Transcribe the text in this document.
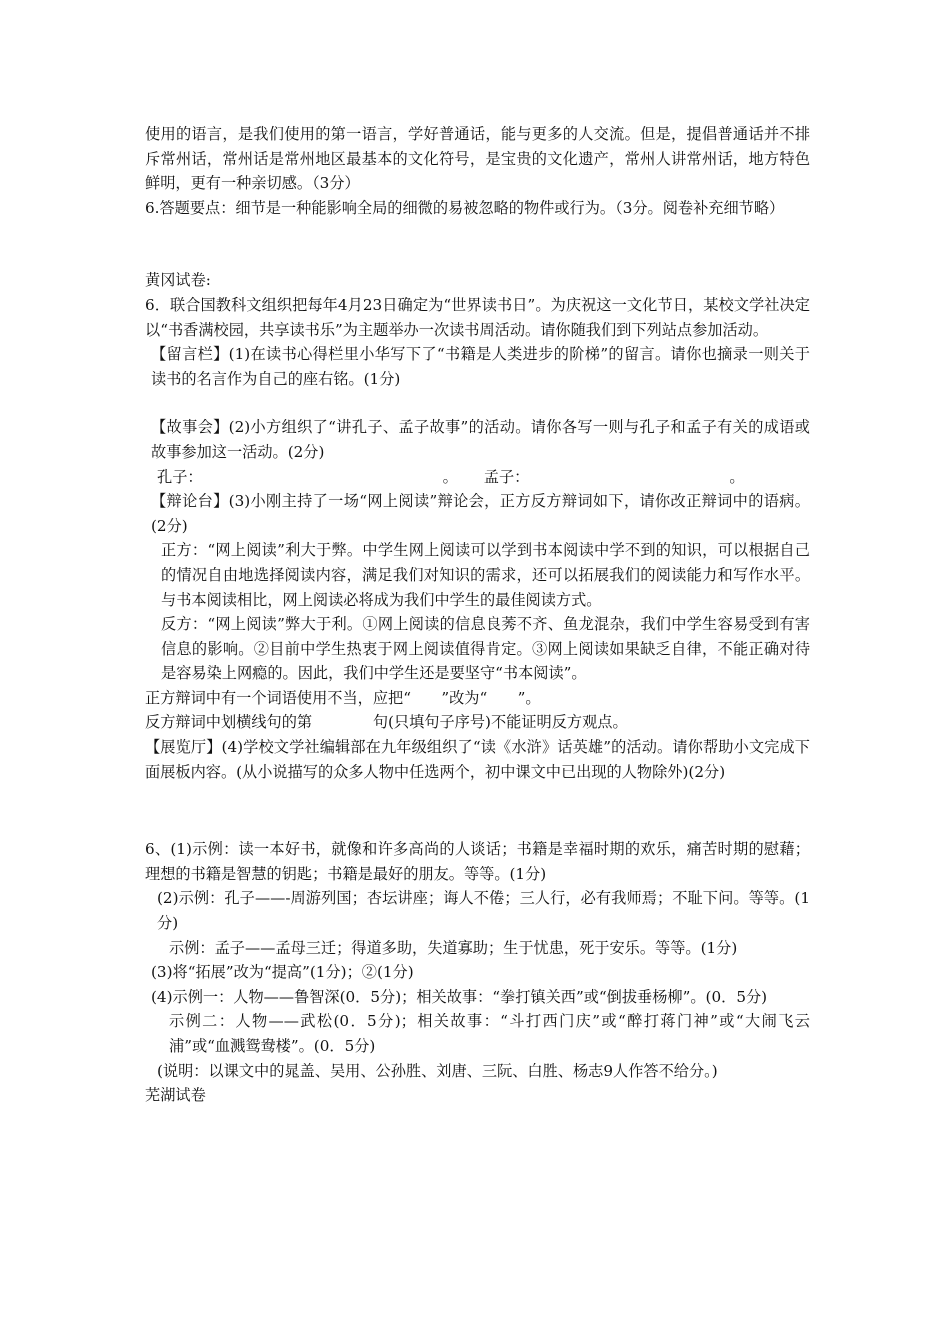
使用的语言，是我们使用的第一语言，学好普通话，能与更多的人交流。但是，提倡普通话并不排斥常州话，常州话是常州地区最基本的文化符号，是宝贵的文化遗产，常州人讲常州话，地方特色鲜明，更有一种亲切感。（3分）

6.答题要点：细节是一种能影响全局的细微的易被忽略的物件或行为。（3分。阅卷补充细节略）

黄冈试卷:

6．联合国教科文组织把每年4月23日确定为“世界读书日”。为庆祝这一文化节日，某校文学社决定以“书香满校园，共享读书乐”为主题举办一次读书周活动。请你随我们到下列站点参加活动。

【留言栏】(1)在读书心得栏里小华写下了“书籍是人类进步的阶梯”的留言。请你也摘录一则关于读书的名言作为自己的座右铭。(1分)

【故事会】(2)小方组织了“讲孔子、孟子故事”的活动。请你各写一则与孔子和孟子有关的成语或故事参加这一活动。(2分)

孔子：	。 孟子：	。

【辩论台】(3)小刚主持了一场“网上阅读”辩论会，正方反方辩词如下，请你改正辩词中的语病。(2分)

正方：“网上阅读”利大于弊。中学生网上阅读可以学到书本阅读中学不到的知识，可以根据自己的情况自由地选择阅读内容，满足我们对知识的需求，还可以拓展我们的阅读能力和写作水平。与书本阅读相比，网上阅读必将成为我们中学生的最佳阅读方式。

反方：“网上阅读”弊大于利。①网上阅读的信息良莠不齐、鱼龙混杂，我们中学生容易受到有害信息的影响。②目前中学生热衷于网上阅读值得肯定。③网上阅读如果缺乏自律，不能正确对待是容易染上网瘾的。因此，我们中学生还是要坚守“书本阅读”。

正方辩词中有一个词语使用不当，应把“　　”改为“　　”。

反方辩词中划横线句的第　　　　句(只填句子序号)不能证明反方观点。

【展览厅】(4)学校文学社编辑部在九年级组织了“读《水浒》话英雄”的活动。请你帮助小文完成下面展板内容。(从小说描写的众多人物中任选两个，初中课文中已出现的人物除外)(2分)

6、(1)示例：读一本好书，就像和许多高尚的人谈话；书籍是幸福时期的欢乐，痛苦时期的慰藉；理想的书籍是智慧的钥匙；书籍是最好的朋友。等等。(1分)

(2)示例：孔子——-周游列国；杏坛讲座；诲人不倦；三人行，必有我师焉；不耻下问。等等。(1分)

示例：孟子——孟母三迁；得道多助，失道寡助；生于忧患，死于安乐。等等。(1分)

(3)将“拓展”改为“提高”(1分)；②(1分)

(4)示例一：人物——鲁智深(0．5分)；相关故事：“拳打镇关西”或“倒拔垂杨柳”。(0．5分)

示例二：人物——武松(0．5分)；相关故事：“斗打西门庆”或“醉打蒋门神”或“大闹飞云浦”或“血溅鸳鸯楼”。(0．5分)

(说明：以课文中的晁盖、吴用、公孙胜、刘唐、三阮、白胜、杨志9人作答不给分。)

芜湖试卷
